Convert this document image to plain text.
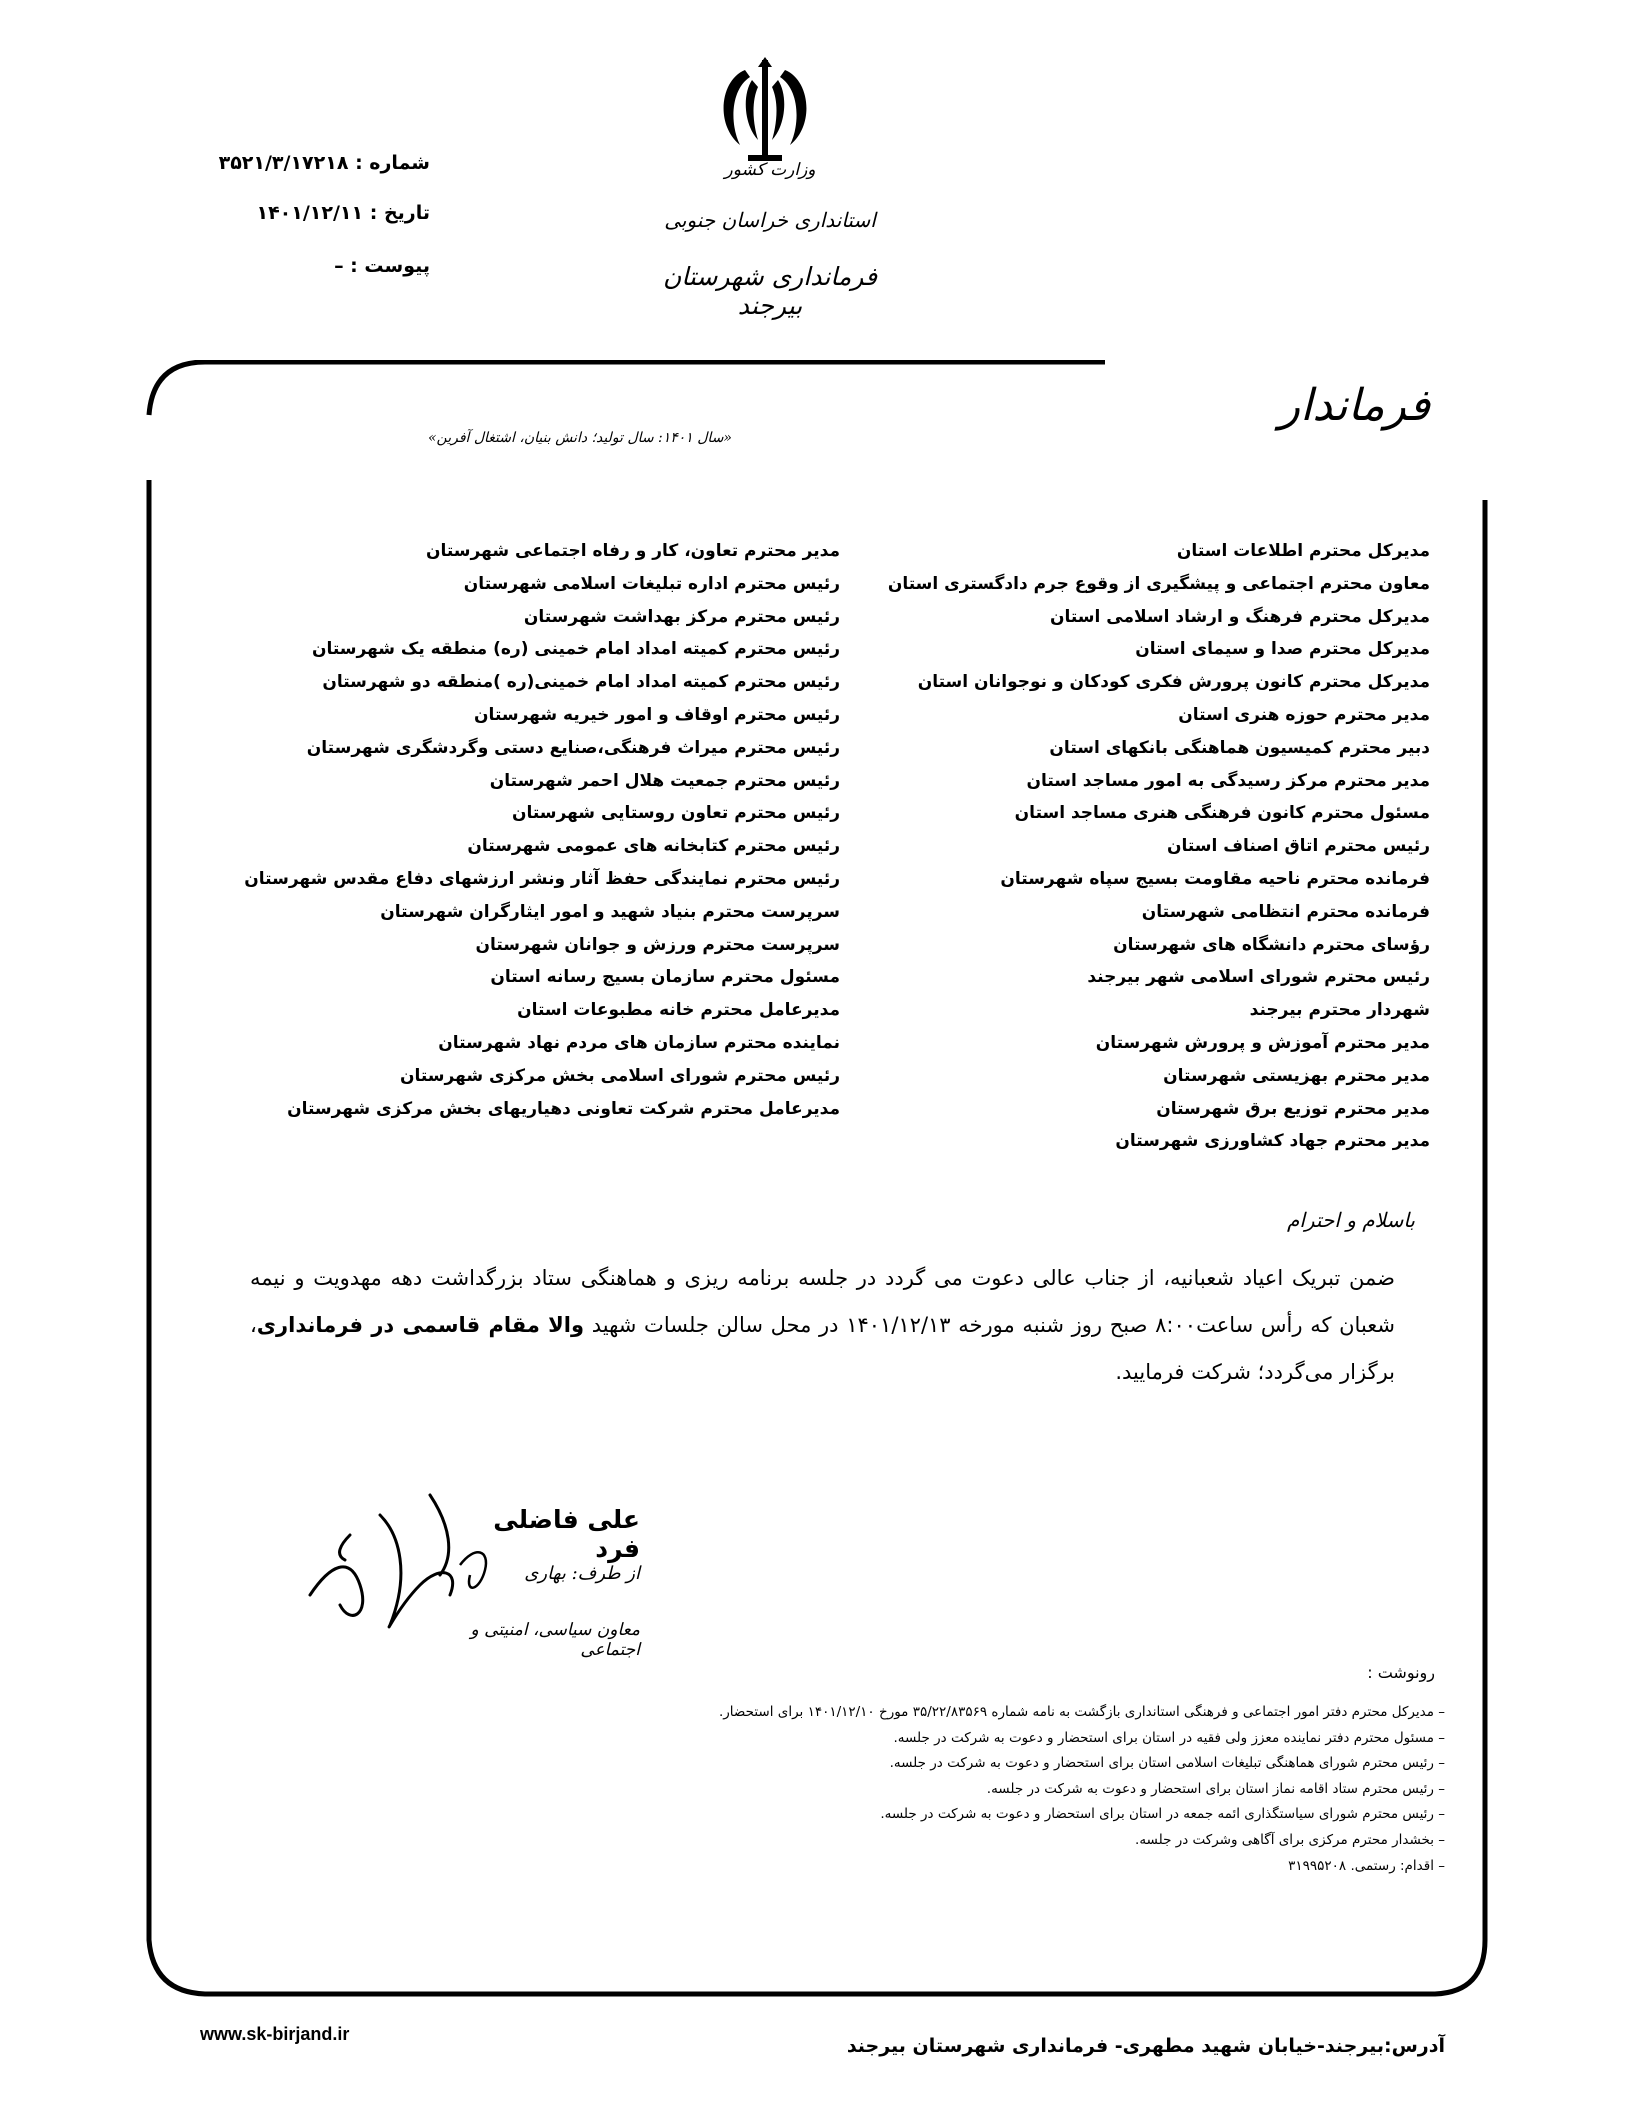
شماره : ۳۵۲۱/۳/۱۷۲۱۸
تاریخ : ۱۴۰۱/۱۲/۱۱
پیوست : –
وزارت کشور
استانداری خراسان جنوبی
فرمانداری شهرستان بیرجند
فرماندار
«سال ۱۴۰۱: سال تولید؛ دانش بنیان، اشتغال آفرین»
مدیرکل محترم اطلاعات استان
معاون محترم اجتماعی و پیشگیری از وقوع جرم دادگستری استان
مدیرکل محترم فرهنگ و ارشاد اسلامی استان
مدیرکل محترم صدا و سیمای استان
مدیرکل محترم کانون پرورش فکری کودکان و نوجوانان استان
مدیر محترم حوزه هنری استان
دبیر محترم کمیسیون هماهنگی بانکهای استان
مدیر محترم مرکز رسیدگی به امور مساجد استان
مسئول محترم کانون فرهنگی هنری مساجد استان
رئیس محترم اتاق اصناف استان
فرمانده محترم ناحیه مقاومت بسیج سپاه شهرستان
فرمانده محترم انتظامی شهرستان
رؤسای محترم دانشگاه های شهرستان
رئیس محترم شورای اسلامی شهر بیرجند
شهردار محترم بیرجند
مدیر محترم آموزش و پرورش شهرستان
مدیر محترم بهزیستی شهرستان
مدیر محترم توزیع برق شهرستان
مدیر محترم جهاد کشاورزی شهرستان
مدیر محترم تعاون، کار و رفاه اجتماعی شهرستان
رئیس محترم اداره تبلیغات اسلامی شهرستان
رئیس محترم مرکز بهداشت شهرستان
رئیس محترم کمیته امداد امام خمینی (ره) منطقه یک شهرستان
رئیس محترم کمیته امداد امام خمینی(ره )منطقه دو شهرستان
رئیس محترم اوقاف و امور خیریه شهرستان
رئیس محترم میراث فرهنگی،صنایع دستی وگردشگری شهرستان
رئیس محترم جمعیت هلال احمر شهرستان
رئیس محترم تعاون روستایی شهرستان
رئیس محترم کتابخانه های عمومی شهرستان
رئیس محترم نمایندگی حفظ آثار ونشر ارزشهای دفاع مقدس شهرستان
سرپرست محترم بنیاد شهید و امور ایثارگران شهرستان
سرپرست محترم ورزش و جوانان شهرستان
مسئول محترم سازمان بسیج رسانه استان
مدیرعامل محترم خانه مطبوعات استان
نماینده محترم سازمان های مردم نهاد شهرستان
رئیس محترم شورای اسلامی بخش مرکزی شهرستان
مدیرعامل محترم شرکت تعاونی دهیاریهای بخش مرکزی شهرستان
باسلام و احترام
ضمن تبریک اعیاد شعبانیه، از جناب عالی دعوت می گردد در جلسه برنامه ریزی و هماهنگی ستاد بزرگداشت دهه مهدویت و نیمه شعبان که رأس ساعت۸:۰۰ صبح روز شنبه مورخه ۱۴۰۱/۱۲/۱۳ در محل سالن جلسات شهید والا مقام قاسمی در فرمانداری، برگزار می‌گردد؛ شرکت فرمایید.
علی فاضلی فرد
از طرف: بهاری
معاون سیاسی، امنیتی و اجتماعی
رونوشت :
– مدیرکل محترم دفتر امور اجتماعی و فرهنگی استانداری بازگشت به نامه شماره ۳۵/۲۲/۸۳۵۶۹ مورخ ۱۴۰۱/۱۲/۱۰ برای استحضار.
– مسئول محترم دفتر نماینده معزز ولی فقیه در استان برای استحضار و دعوت به شرکت در جلسه.
– رئیس محترم شورای هماهنگی تبلیغات اسلامی استان برای استحضار و دعوت به شرکت در جلسه.
– رئیس محترم ستاد اقامه نماز استان برای استحضار و دعوت به شرکت در جلسه.
– رئیس محترم شورای سیاستگذاری ائمه جمعه در استان برای استحضار و دعوت به شرکت در جلسه.
– بخشدار محترم مرکزی برای آگاهی وشرکت در جلسه.
– اقدام: رستمی. ۳۱۹۹۵۲۰۸
www.sk-birjand.ir
آدرس:بیرجند-خیابان شهید مطهری- فرمانداری شهرستان بیرجند
